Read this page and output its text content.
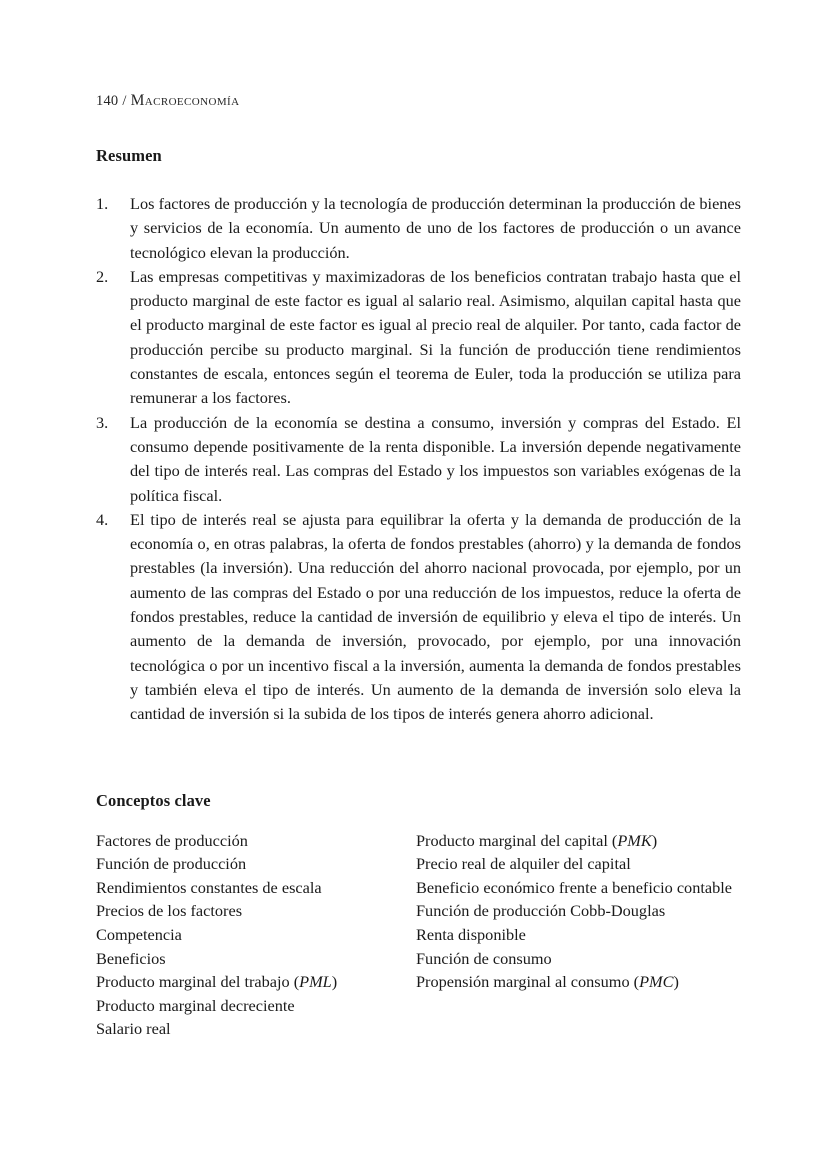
140 / Macroeconomía
Resumen
1.	Los factores de producción y la tecnología de producción determinan la producción de bienes y servicios de la economía. Un aumento de uno de los factores de producción o un avance tecnológico elevan la producción.
2.	Las empresas competitivas y maximizadoras de los beneficios contratan trabajo hasta que el producto marginal de este factor es igual al salario real. Asimismo, alquilan capital hasta que el producto marginal de este factor es igual al precio real de alquiler. Por tanto, cada factor de producción percibe su producto marginal. Si la función de producción tiene rendimientos constantes de escala, entonces según el teorema de Euler, toda la producción se utiliza para remunerar a los factores.
3.	La producción de la economía se destina a consumo, inversión y compras del Estado. El consumo depende positivamente de la renta disponible. La inversión depende negativamente del tipo de interés real. Las compras del Estado y los impuestos son variables exógenas de la política fiscal.
4.	El tipo de interés real se ajusta para equilibrar la oferta y la demanda de producción de la economía o, en otras palabras, la oferta de fondos prestables (ahorro) y la demanda de fondos prestables (la inversión). Una reducción del ahorro nacional provocada, por ejemplo, por un aumento de las compras del Estado o por una reducción de los impuestos, reduce la oferta de fondos prestables, reduce la cantidad de inversión de equilibrio y eleva el tipo de interés. Un aumento de la demanda de inversión, provocado, por ejemplo, por una innovación tecnológica o por un incentivo fiscal a la inversión, aumenta la demanda de fondos prestables y también eleva el tipo de interés. Un aumento de la demanda de inversión solo eleva la cantidad de inversión si la subida de los tipos de interés genera ahorro adicional.
Conceptos clave
Factores de producción
Función de producción
Rendimientos constantes de escala
Precios de los factores
Competencia
Beneficios
Producto marginal del trabajo (PML)
Producto marginal decreciente
Salario real
Producto marginal del capital (PMK)
Precio real de alquiler del capital
Beneficio económico frente a beneficio contable
Función de producción Cobb-Douglas
Renta disponible
Función de consumo
Propensión marginal al consumo (PMC)
